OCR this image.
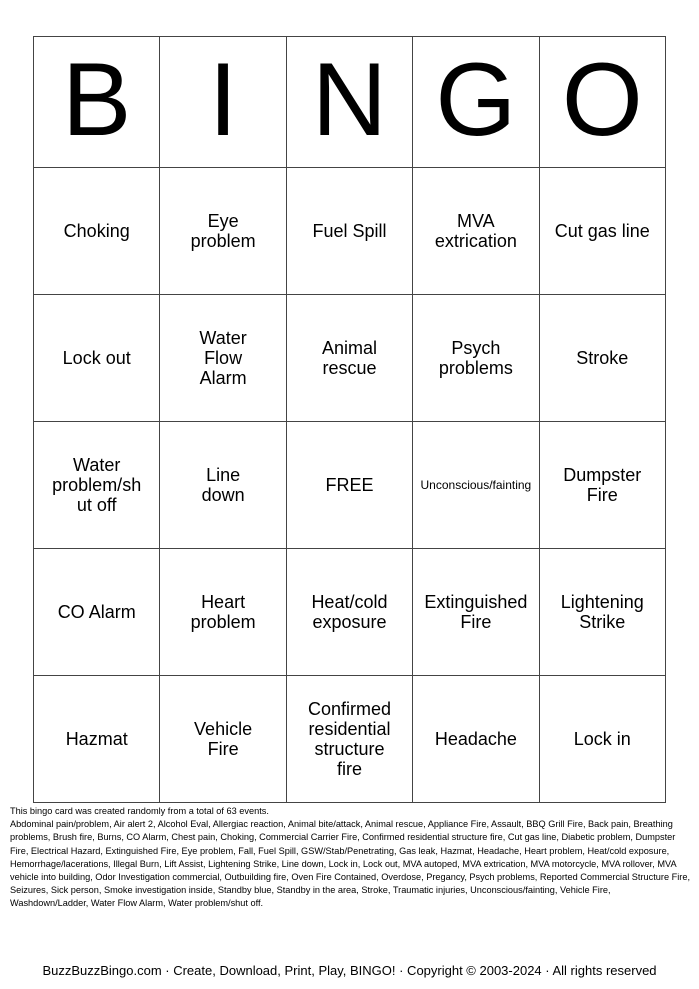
B	I	N	G	O
Choking	Eye problem	Fuel Spill	MVA extrication	Cut gas line
Lock out	Water Flow Alarm	Animal rescue	Psych problems	Stroke
Water problem/shut off	Line down	FREE	Unconscious/fainting	Dumpster Fire
CO Alarm	Heart problem	Heat/cold exposure	Extinguished Fire	Lightening Strike
Hazmat	Vehicle Fire	Confirmed residential structure fire	Headache	Lock in

This bingo card was created randomly from a total of 63 events.

Abdominal pain/problem, Air alert 2, Alcohol Eval, Allergiac reaction, Animal bite/attack, Animal rescue, Appliance Fire, Assault, BBQ Grill Fire, Back pain, Breathing problems, Brush fire, Burns, CO Alarm, Chest pain, Choking, Commercial Carrier Fire, Confirmed residential structure fire, Cut gas line, Diabetic problem, Dumpster Fire, Electrical Hazard, Extinguished Fire, Eye problem, Fall, Fuel Spill, GSW/Stab/Penetrating, Gas leak, Hazmat, Headache, Heart problem, Heat/cold exposure, Hemorrhage/lacerations, Illegal Burn, Lift Assist, Lightening Strike, Line down, Lock in, Lock out, MVA autoped, MVA extrication, MVA motorcycle, MVA rollover, MVA vehicle into building, Odor Investigation commercial, Outbuilding fire, Oven Fire Contained, Overdose, Pregancy, Psych problems, Reported Commercial Structure Fire, Seizures, Sick person, Smoke investigation inside, Standby blue, Standby in the area, Stroke, Traumatic injuries, Unconscious/fainting, Vehicle Fire, Washdown/Ladder, Water Flow Alarm, Water problem/shut off.

BuzzBuzzBingo.com · Create, Download, Print, Play, BINGO! · Copyright © 2003-2024 · All rights reserved
